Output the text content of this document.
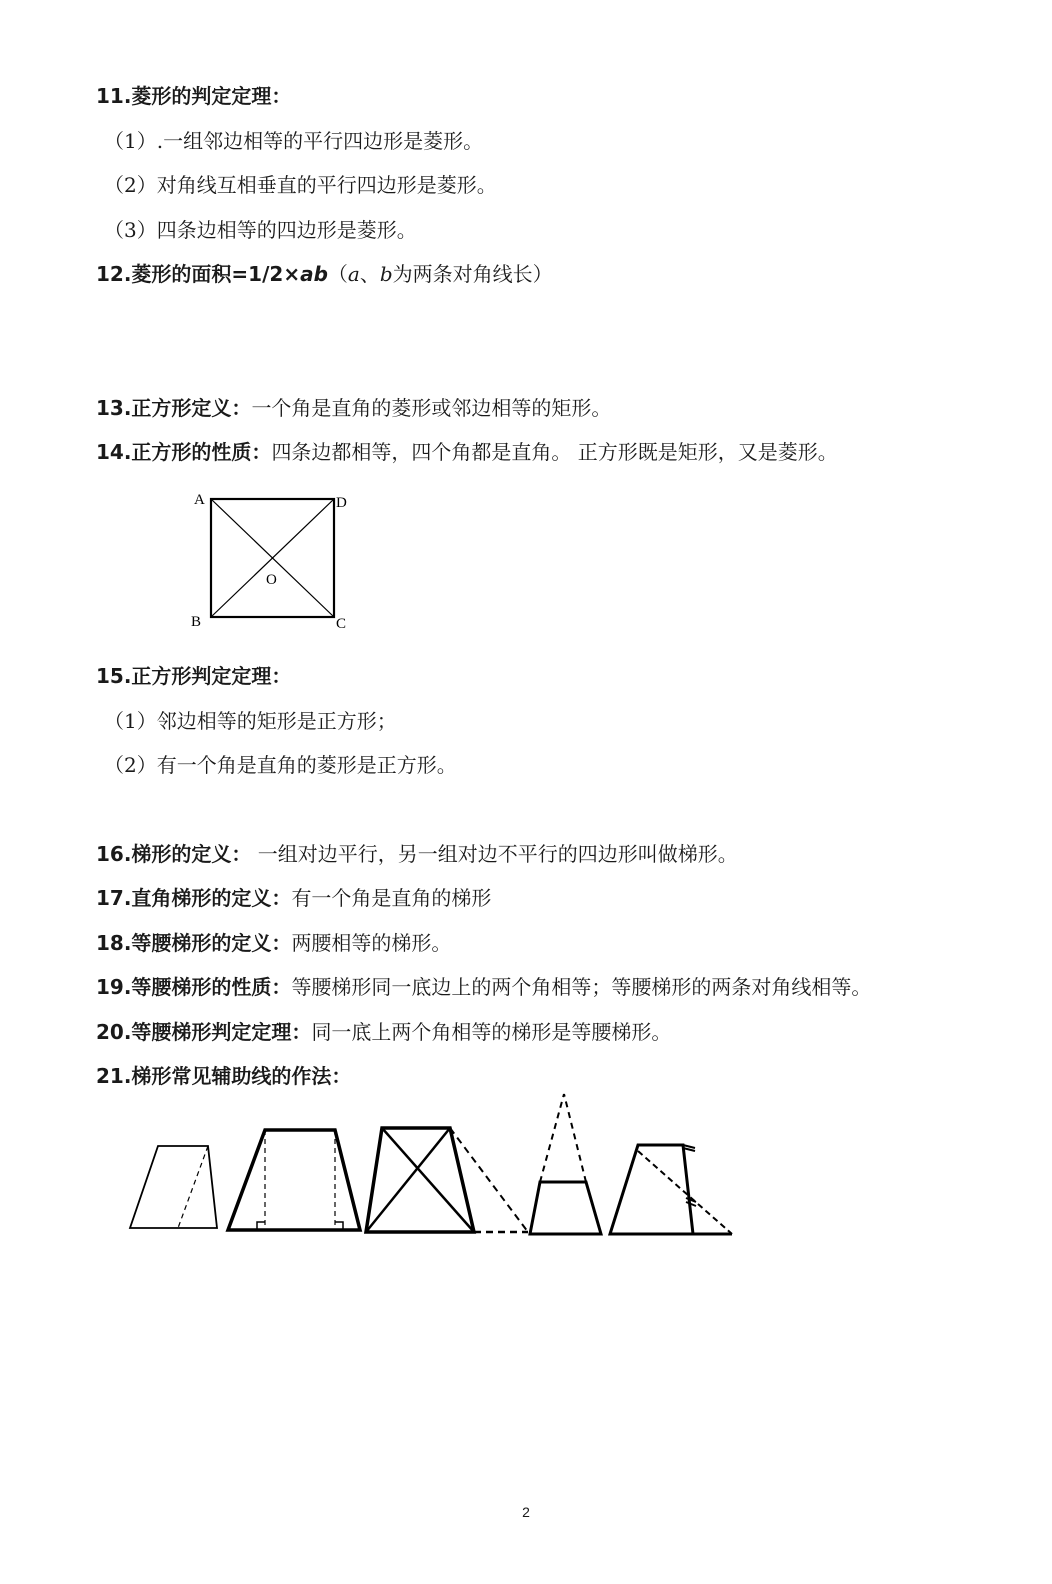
11.菱形的判定定理：
（1）.一组邻边相等的平行四边形是菱形。
（2）对角线互相垂直的平行四边形是菱形。
（3）四条边相等的四边形是菱形。
12.菱形的面积=1/2×ab（a、b为两条对角线长）
13.正方形定义：一个角是直角的菱形或邻边相等的矩形。
14.正方形的性质：四条边都相等，四个角都是直角。 正方形既是矩形，又是菱形。
A	D
B	C
O
15.正方形判定定理：
（1）邻边相等的矩形是正方形；
（2）有一个角是直角的菱形是正方形。
16.梯形的定义： 一组对边平行，另一组对边不平行的四边形叫做梯形。
17.直角梯形的定义：有一个角是直角的梯形
18.等腰梯形的定义：两腰相等的梯形。
19.等腰梯形的性质：等腰梯形同一底边上的两个角相等；等腰梯形的两条对角线相等。
20.等腰梯形判定定理：同一底上两个角相等的梯形是等腰梯形。
21.梯形常见辅助线的作法：
2
